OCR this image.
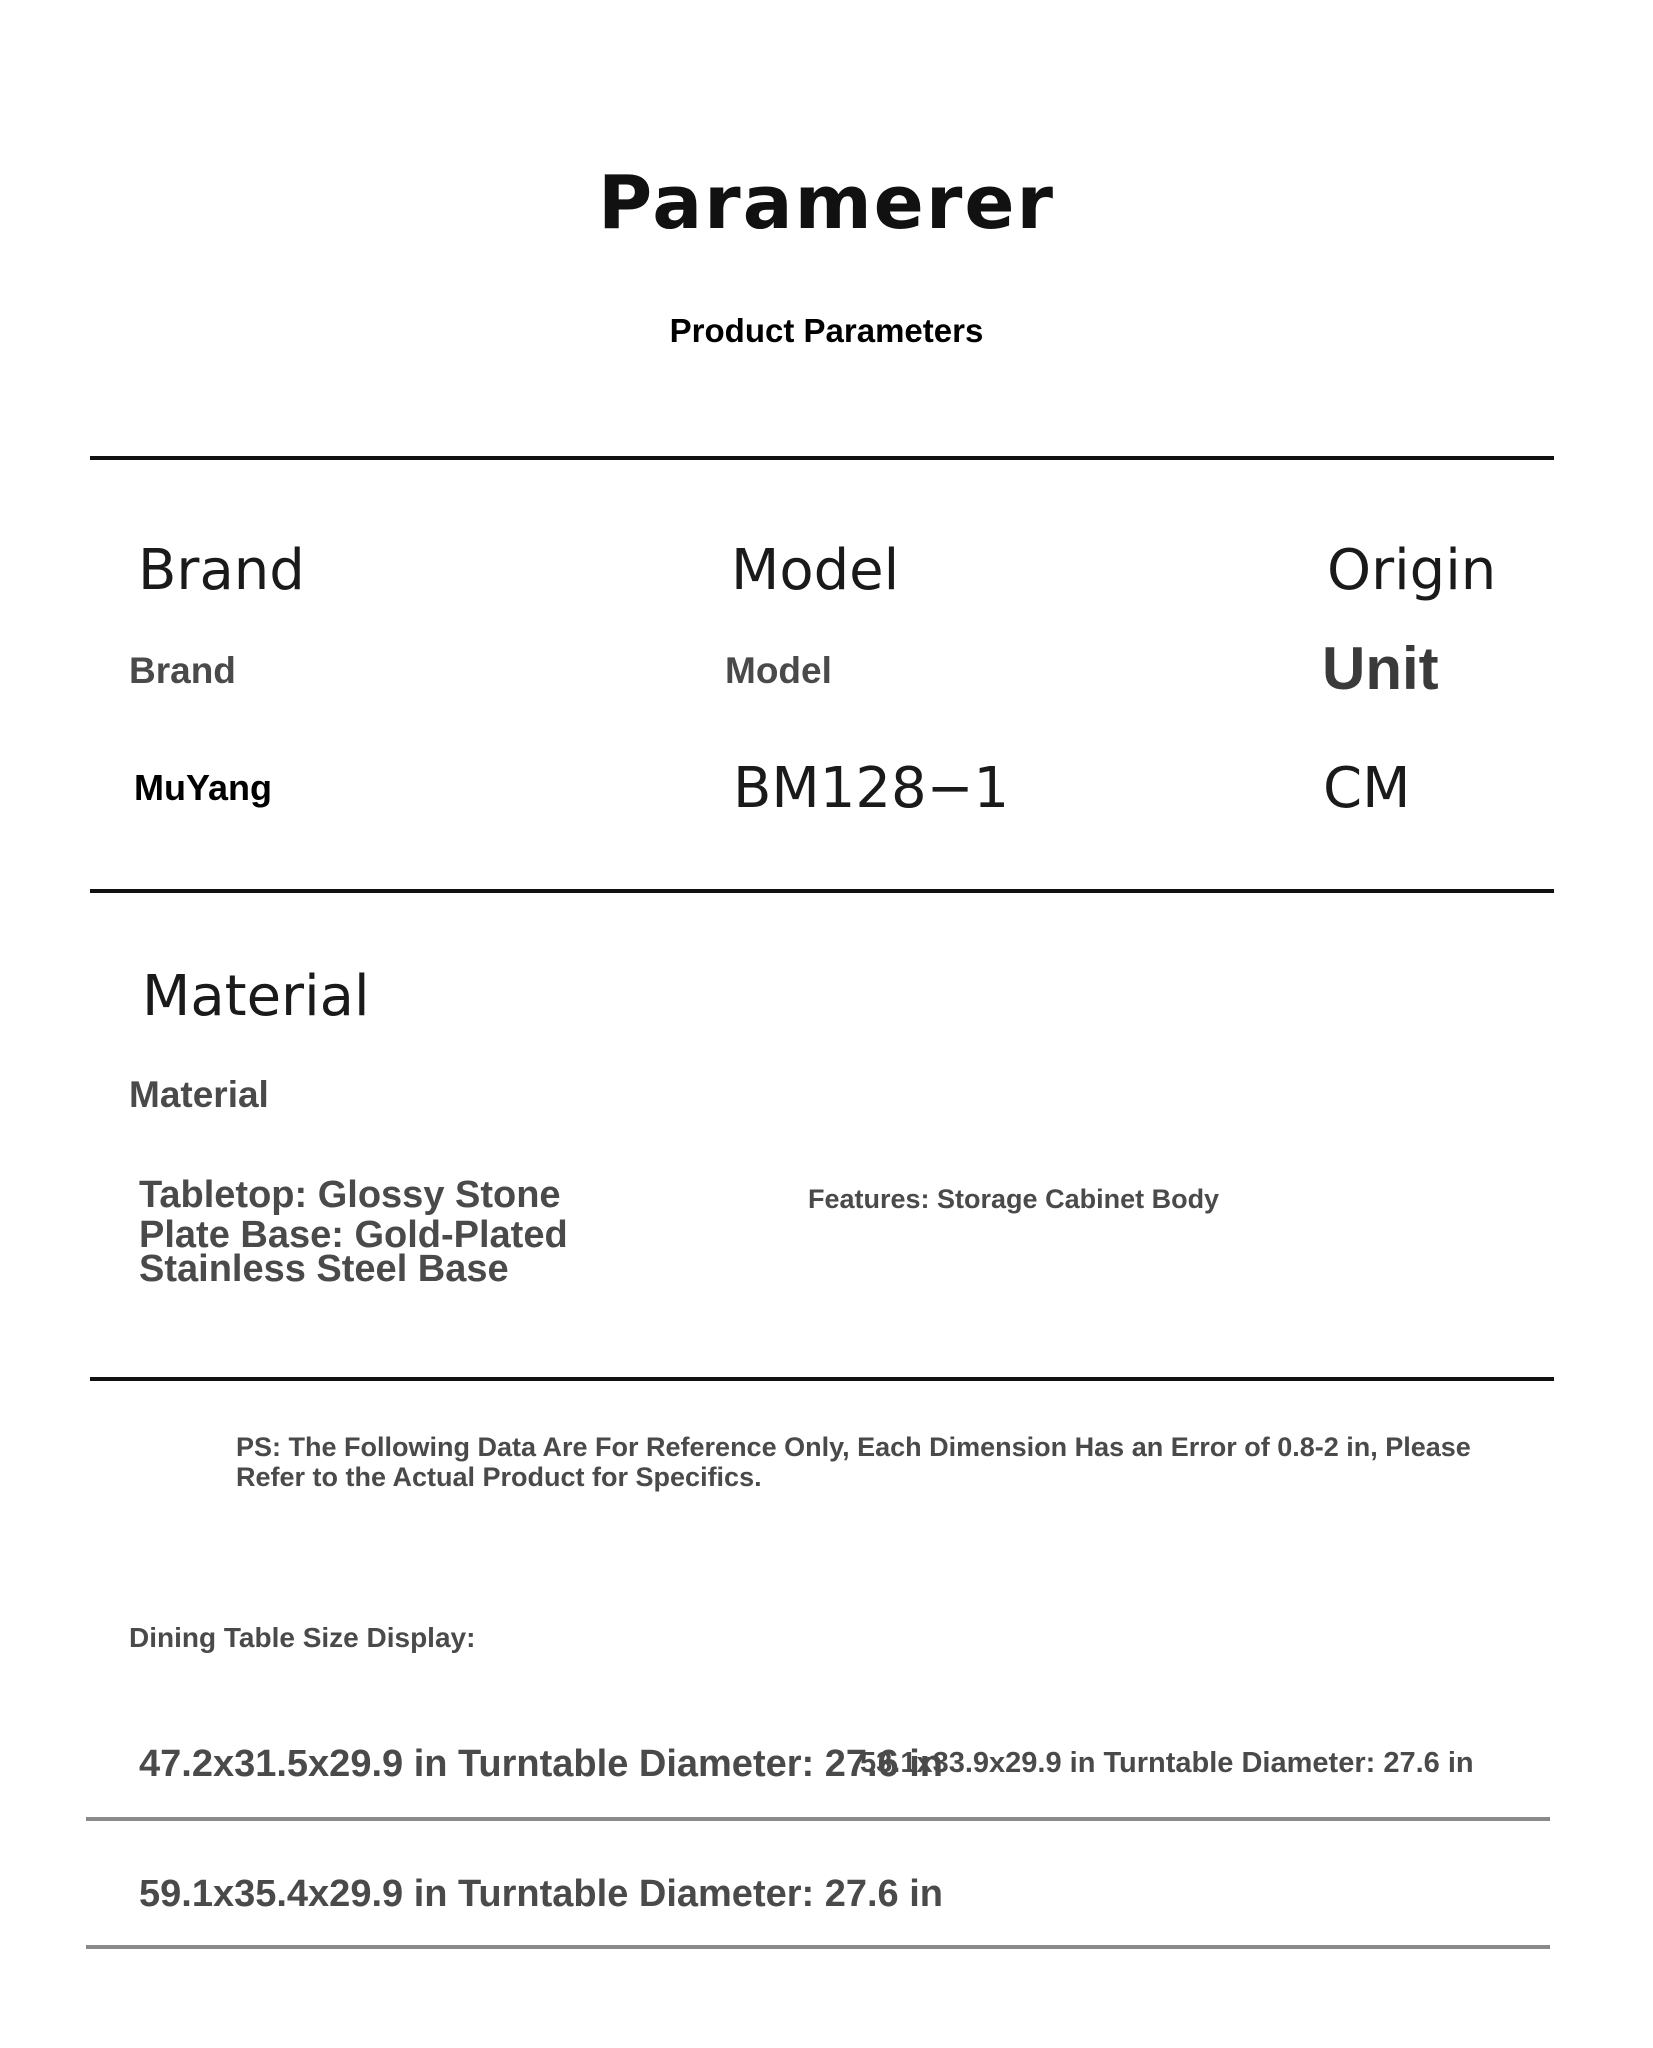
Paramerer
Product Parameters
Brand	Model	Origin
Brand	Model	Unit
MuYang	BM128−1	CM
Material
Material
Tabletop: Glossy Stone
Plate Base: Gold-Plated
Stainless Steel Base
Features: Storage Cabinet Body
PS: The Following Data Are For Reference Only, Each Dimension Has an Error of 0.8-2 in, Please
Refer to the Actual Product for Specifics.
Dining Table Size Display:
47.2x31.5x29.9 in Turntable Diameter: 27.6 in
53.1x33.9x29.9 in Turntable Diameter: 27.6 in
59.1x35.4x29.9 in Turntable Diameter: 27.6 in
